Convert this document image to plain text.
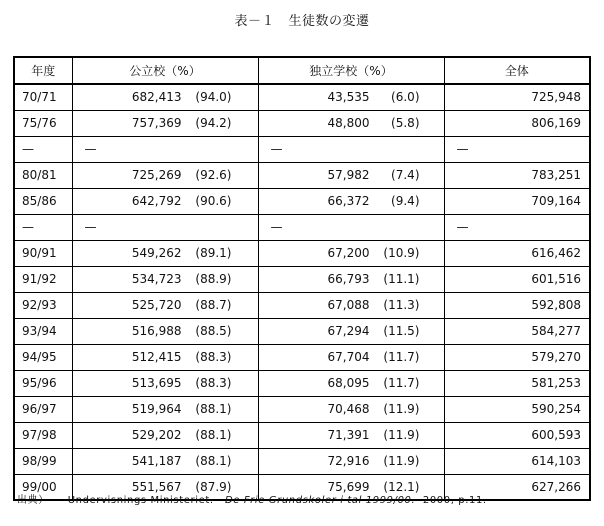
表－１　生徒数の変遷
年度	公立校（%）	独立学校（%）	全体
70/71	682,413 (94.0)	43,535 (6.0)	725,948
75/76	757,369 (94.2)	48,800 (5.8)	806,169
—	—	—	—
80/81	725,269 (92.6)	57,982 (7.4)	783,251
85/86	642,792 (90.6)	66,372 (9.4)	709,164
—	—	—	—
90/91	549,262 (89.1)	67,200 (10.9)	616,462
91/92	534,723 (88.9)	66,793 (11.1)	601,516
92/93	525,720 (88.7)	67,088 (11.3)	592,808
93/94	516,988 (88.5)	67,294 (11.5)	584,277
94/95	512,415 (88.3)	67,704 (11.7)	579,270
95/96	513,695 (88.3)	68,095 (11.7)	581,253
96/97	519,964 (88.1)	70,468 (11.9)	590,254
97/98	529,202 (88.1)	71,391 (11.9)	600,593
98/99	541,187 (88.1)	72,916 (11.9)	614,103
99/00	551,567 (87.9)	75,699 (12.1)	627,266
出典） Undervisnings Ministeriet. De Frie Grundskoler i tal 1999/00. 2000, p.11.
